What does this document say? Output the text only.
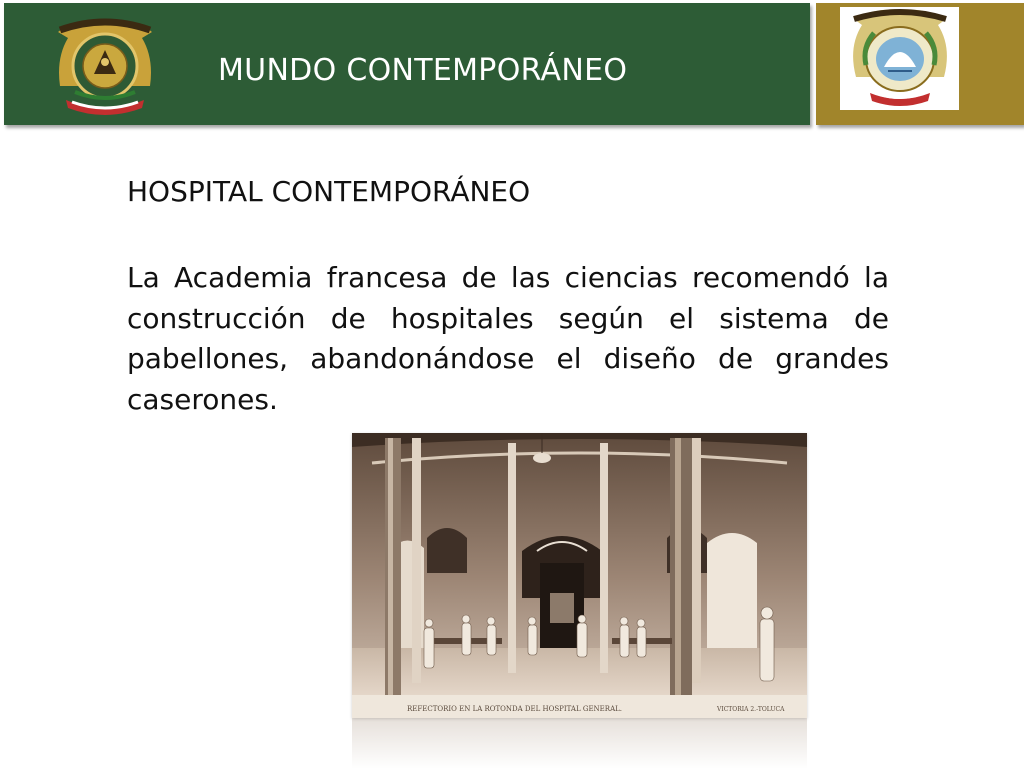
MUNDO CONTEMPORÁNEO
HOSPITAL CONTEMPORÁNEO

La Academia francesa de las ciencias recomendó la construcción de hospitales según el sistema de pabellones, abandonándose el diseño de grandes caserones.

REFECTORIO EN LA ROTONDA DEL HOSPITAL GENERAL.	VICTORIA 2.-TOLUCA
